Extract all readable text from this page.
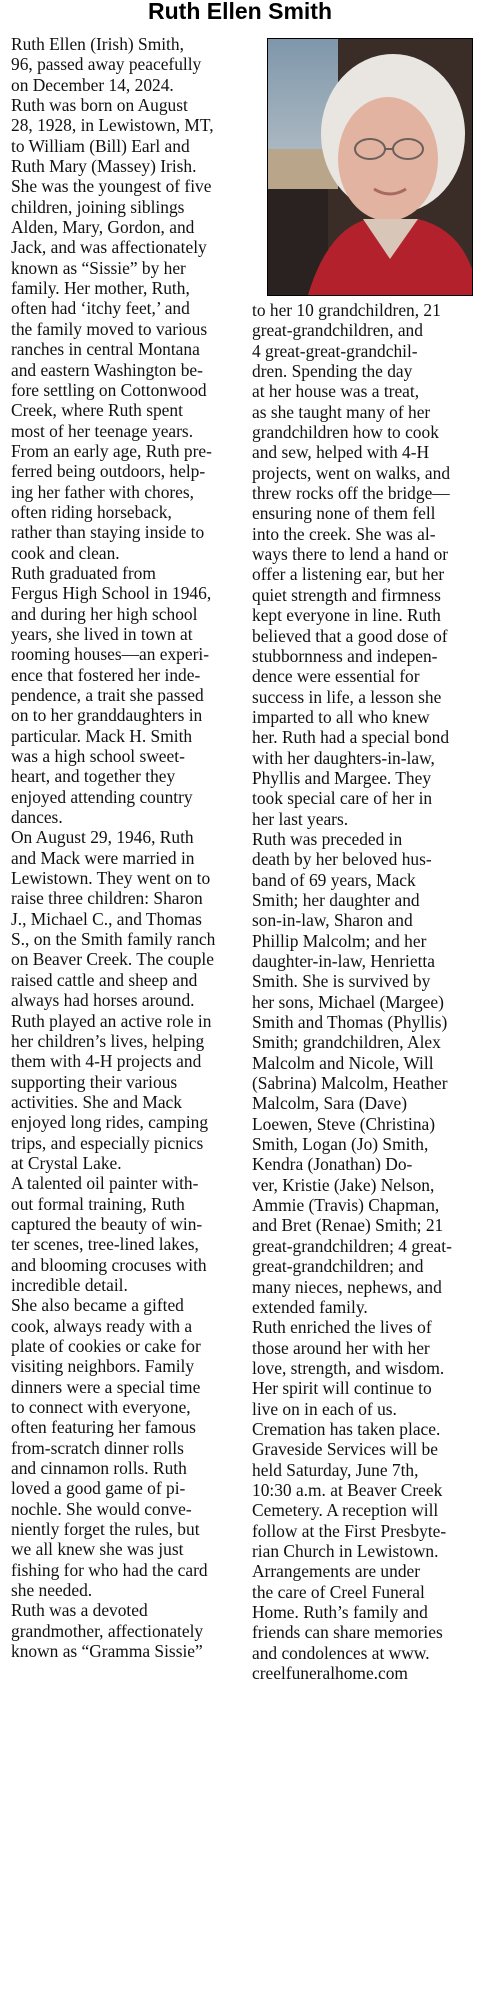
Ruth Ellen Smith

Ruth Ellen (Irish) Smith,
96, passed away peacefully
on December 14, 2024.

Ruth was born on August
28, 1928, in Lewistown, MT,
to William (Bill) Earl and
Ruth Mary (Massey) Irish.
She was the youngest of five
children, joining siblings
Alden, Mary, Gordon, and
Jack, and was affectionately
known as “Sissie” by her
family. Her mother, Ruth,
often had ‘itchy feet,’ and
the family moved to various
ranches in central Montana
and eastern Washington be-
fore settling on Cottonwood
Creek, where Ruth spent
most of her teenage years.
From an early age, Ruth pre-
ferred being outdoors, help-
ing her father with chores,
often riding horseback,
rather than staying inside to
cook and clean.

Ruth graduated from
Fergus High School in 1946,
and during her high school
years, she lived in town at
rooming houses—an experi-
ence that fostered her inde-
pendence, a trait she passed
on to her granddaughters in
particular. Mack H. Smith
was a high school sweet-
heart, and together they
enjoyed attending country
dances.

On August 29, 1946, Ruth
and Mack were married in
Lewistown. They went on to
raise three children: Sharon
J., Michael C., and Thomas
S., on the Smith family ranch
on Beaver Creek. The couple
raised cattle and sheep and
always had horses around.
Ruth played an active role in
her children’s lives, helping
them with 4-H projects and
supporting their various
activities. She and Mack
enjoyed long rides, camping
trips, and especially picnics
at Crystal Lake.

A talented oil painter with-
out formal training, Ruth
captured the beauty of win-
ter scenes, tree-lined lakes,
and blooming crocuses with
incredible detail.

She also became a gifted
cook, always ready with a
plate of cookies or cake for
visiting neighbors. Family
dinners were a special time
to connect with everyone,
often featuring her famous
from-scratch dinner rolls
and cinnamon rolls. Ruth
loved a good game of pi-
nochle. She would conve-
niently forget the rules, but
we all knew she was just
fishing for who had the card
she needed.

Ruth was a devoted
grandmother, affectionately
known as “Gramma Sissie”

to her 10 grandchildren, 21
great-grandchildren, and
4 great-great-grandchil-
dren. Spending the day
at her house was a treat,
as she taught many of her
grandchildren how to cook
and sew, helped with 4-H
projects, went on walks, and
threw rocks off the bridge—
ensuring none of them fell
into the creek. She was al-
ways there to lend a hand or
offer a listening ear, but her
quiet strength and firmness
kept everyone in line. Ruth
believed that a good dose of
stubbornness and indepen-
dence were essential for
success in life, a lesson she
imparted to all who knew
her. Ruth had a special bond
with her daughters-in-law,
Phyllis and Margee. They
took special care of her in
her last years.

Ruth was preceded in
death by her beloved hus-
band of 69 years, Mack
Smith; her daughter and
son-in-law, Sharon and
Phillip Malcolm; and her
daughter-in-law, Henrietta
Smith. She is survived by
her sons, Michael (Margee)
Smith and Thomas (Phyllis)
Smith; grandchildren, Alex
Malcolm and Nicole, Will
(Sabrina) Malcolm, Heather
Malcolm, Sara (Dave)
Loewen, Steve (Christina)
Smith, Logan (Jo) Smith,
Kendra (Jonathan) Do-
ver, Kristie (Jake) Nelson,
Ammie (Travis) Chapman,
and Bret (Renae) Smith; 21
great-grandchildren; 4 great-
great-grandchildren; and
many nieces, nephews, and
extended family.

Ruth enriched the lives of
those around her with her
love, strength, and wisdom.
Her spirit will continue to
live on in each of us.

Cremation has taken place.
Graveside Services will be
held Saturday, June 7th,
10:30 a.m. at Beaver Creek
Cemetery. A reception will
follow at the First Presbyte-
rian Church in Lewistown.

Arrangements are under
the care of Creel Funeral
Home. Ruth’s family and
friends can share memories
and condolences at www.
creelfuneralhome.com
